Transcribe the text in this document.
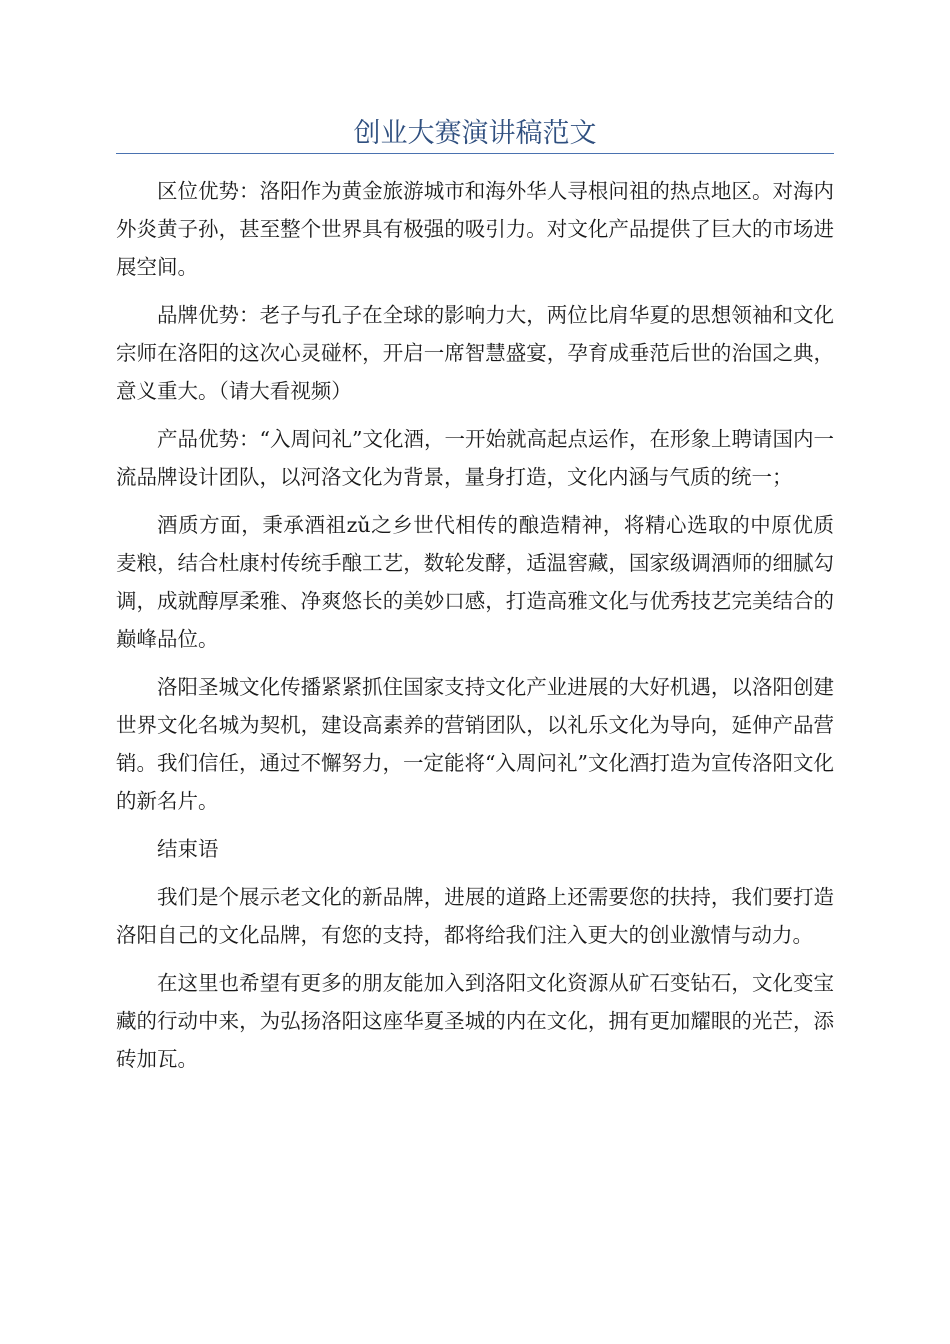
创业大赛演讲稿范文

区位优势：洛阳作为黄金旅游城市和海外华人寻根问祖的热点地区。对海内外炎黄子孙，甚至整个世界具有极强的吸引力。对文化产品提供了巨大的市场进展空间。

品牌优势：老子与孔子在全球的影响力大，两位比肩华夏的思想领袖和文化宗师在洛阳的这次心灵碰杯，开启一席智慧盛宴，孕育成垂范后世的治国之典，意义重大。（请大看视频）

产品优势：“入周问礼”文化酒，一开始就高起点运作，在形象上聘请国内一流品牌设计团队，以河洛文化为背景，量身打造，文化内涵与气质的统一；

酒质方面，秉承酒祖zǔ之乡世代相传的酿造精神，将精心选取的中原优质麦粮，结合杜康村传统手酿工艺，数轮发酵，适温窖藏，国家级调酒师的细腻勾调，成就醇厚柔雅、净爽悠长的美妙口感，打造高雅文化与优秀技艺完美结合的巅峰品位。

洛阳圣城文化传播紧紧抓住国家支持文化产业进展的大好机遇，以洛阳创建世界文化名城为契机，建设高素养的营销团队，以礼乐文化为导向，延伸产品营销。我们信任，通过不懈努力，一定能将“入周问礼”文化酒打造为宣传洛阳文化的新名片。

结束语

我们是个展示老文化的新品牌，进展的道路上还需要您的扶持，我们要打造洛阳自己的文化品牌，有您的支持，都将给我们注入更大的创业激情与动力。

在这里也希望有更多的朋友能加入到洛阳文化资源从矿石变钻石，文化变宝藏的行动中来，为弘扬洛阳这座华夏圣城的内在文化，拥有更加耀眼的光芒，添砖加瓦。
